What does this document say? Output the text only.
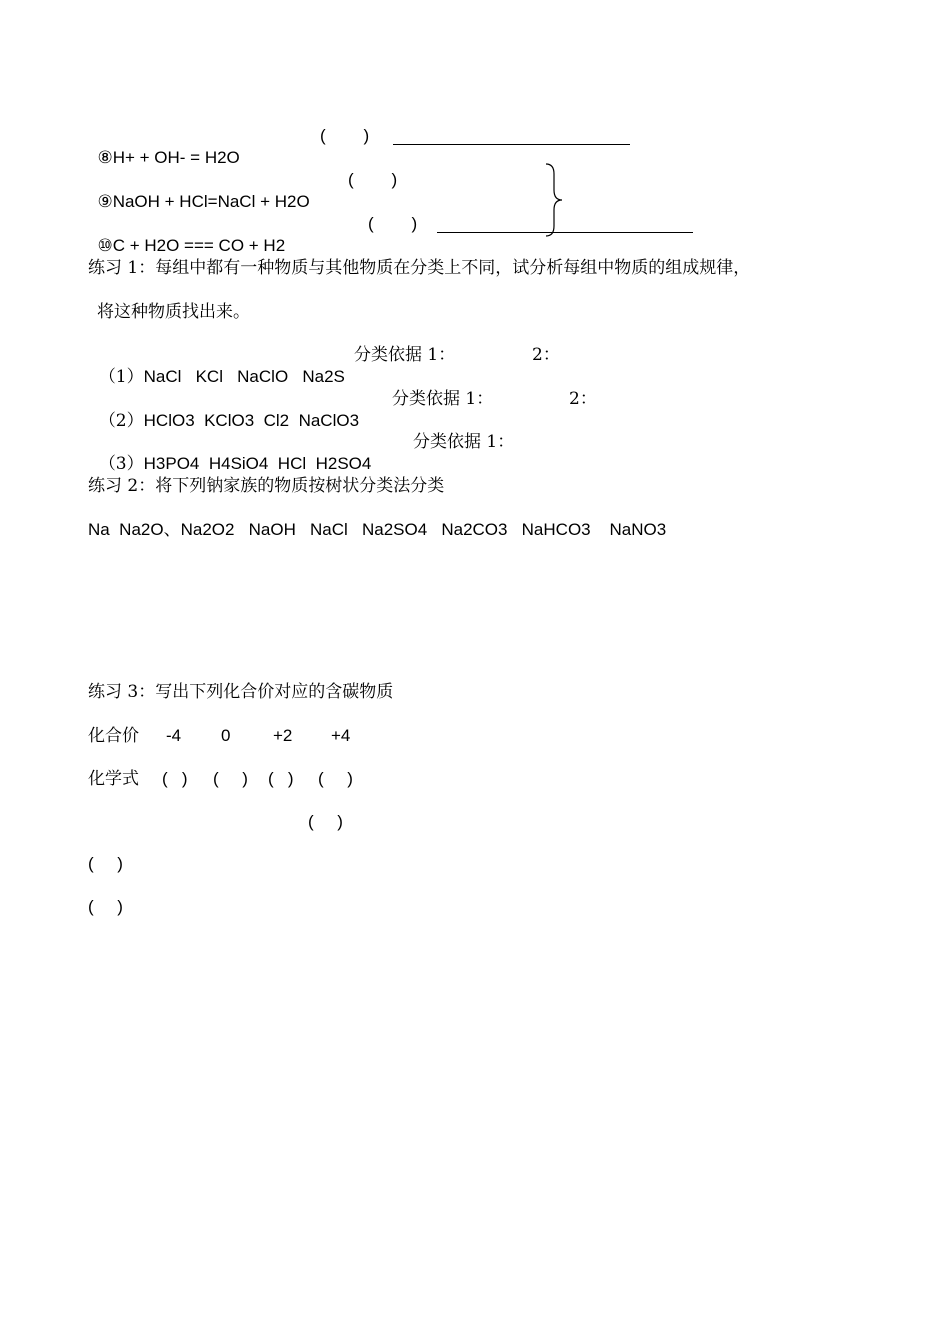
⑧H+ + OH- = H2O

(        )

⑨NaOH + HCl=NaCl + H2O

(        )

⑩C + H2O === CO + H2

(        )
练习 1：每组中都有一种物质与其他物质在分类上不同，试分析每组中物质的组成规律，
将这种物质找出来。

（1）NaCl   KCl   NaClO   Na2S

分类依据 1：	2：

（2）HClO3  KClO3  Cl2  NaClO3

分类依据 1：	2：

（3）H3PO4  H4SiO4  HCl  H2SO4

分类依据 1：
练习 2：将下列钠家族的物质按树状分类法分类
Na  Na2O、Na2O2   NaOH   NaCl   Na2SO4   Na2CO3   NaHCO3    NaNO3
练习 3：写出下列化合价对应的含碳物质
化合价 -4 0	+2 +4
化学式 (   ) (     ) (   ) (     )
(     )
(     )
(     )
